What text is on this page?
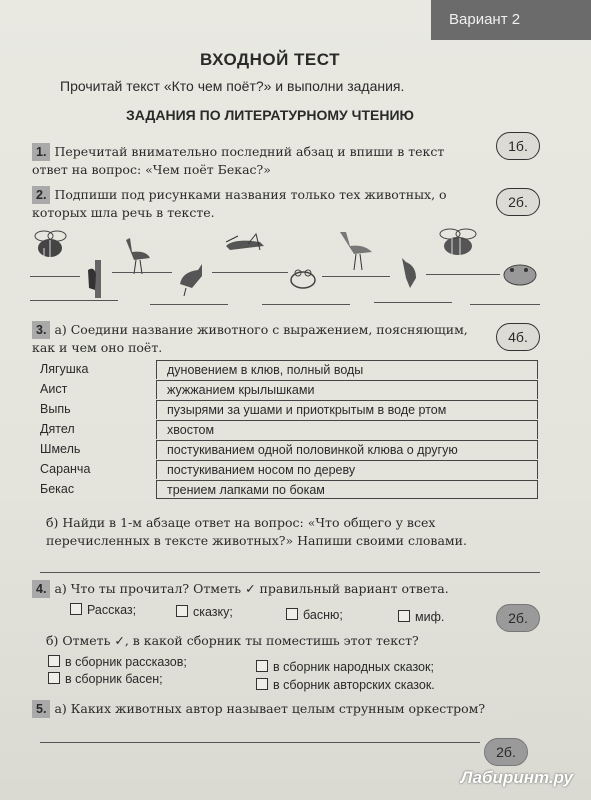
Вариант 2
ВХОДНОЙ ТЕСТ
Прочитай текст «Кто чем поёт?» и выполни задания.
ЗАДАНИЯ ПО ЛИТЕРАТУРНОМУ ЧТЕНИЮ
1. Перечитай внимательно последний абзац и впиши в текст ответ на вопрос: «Чем поёт Бекас?»
1б.
2. Подпиши под рисунками названия только тех животных, о которых шла речь в тексте.
2б.
3. а) Соедини название животного с выражением, поясняющим, как и чем оно поёт.
4б.
Лягушка	дуновением в клюв, полный воды
Аист	жужжанием крылышками
Выпь	пузырями за ушами и приоткрытым в воде ртом
Дятел	хвостом
Шмель	постукиванием одной половинкой клюва о другую
Саранча	постукиванием носом по дереву
Бекас	трением лапками по бокам
б) Найди в 1-м абзаце ответ на вопрос: «Что общего у всех перечисленных в тексте животных?» Напиши своими словами.
4. а) Что ты прочитал? Отметь ✓ правильный вариант ответа.
2б.
Рассказ;	сказку;	басню;	миф.
б) Отметь ✓, в какой сборник ты поместишь этот текст?
в сборник рассказов;
в сборник басен;
в сборник народных сказок;
в сборник авторских сказок.
5. а) Каких животных автор называет целым струнным оркестром?
2б.
Лабиринт.ру
